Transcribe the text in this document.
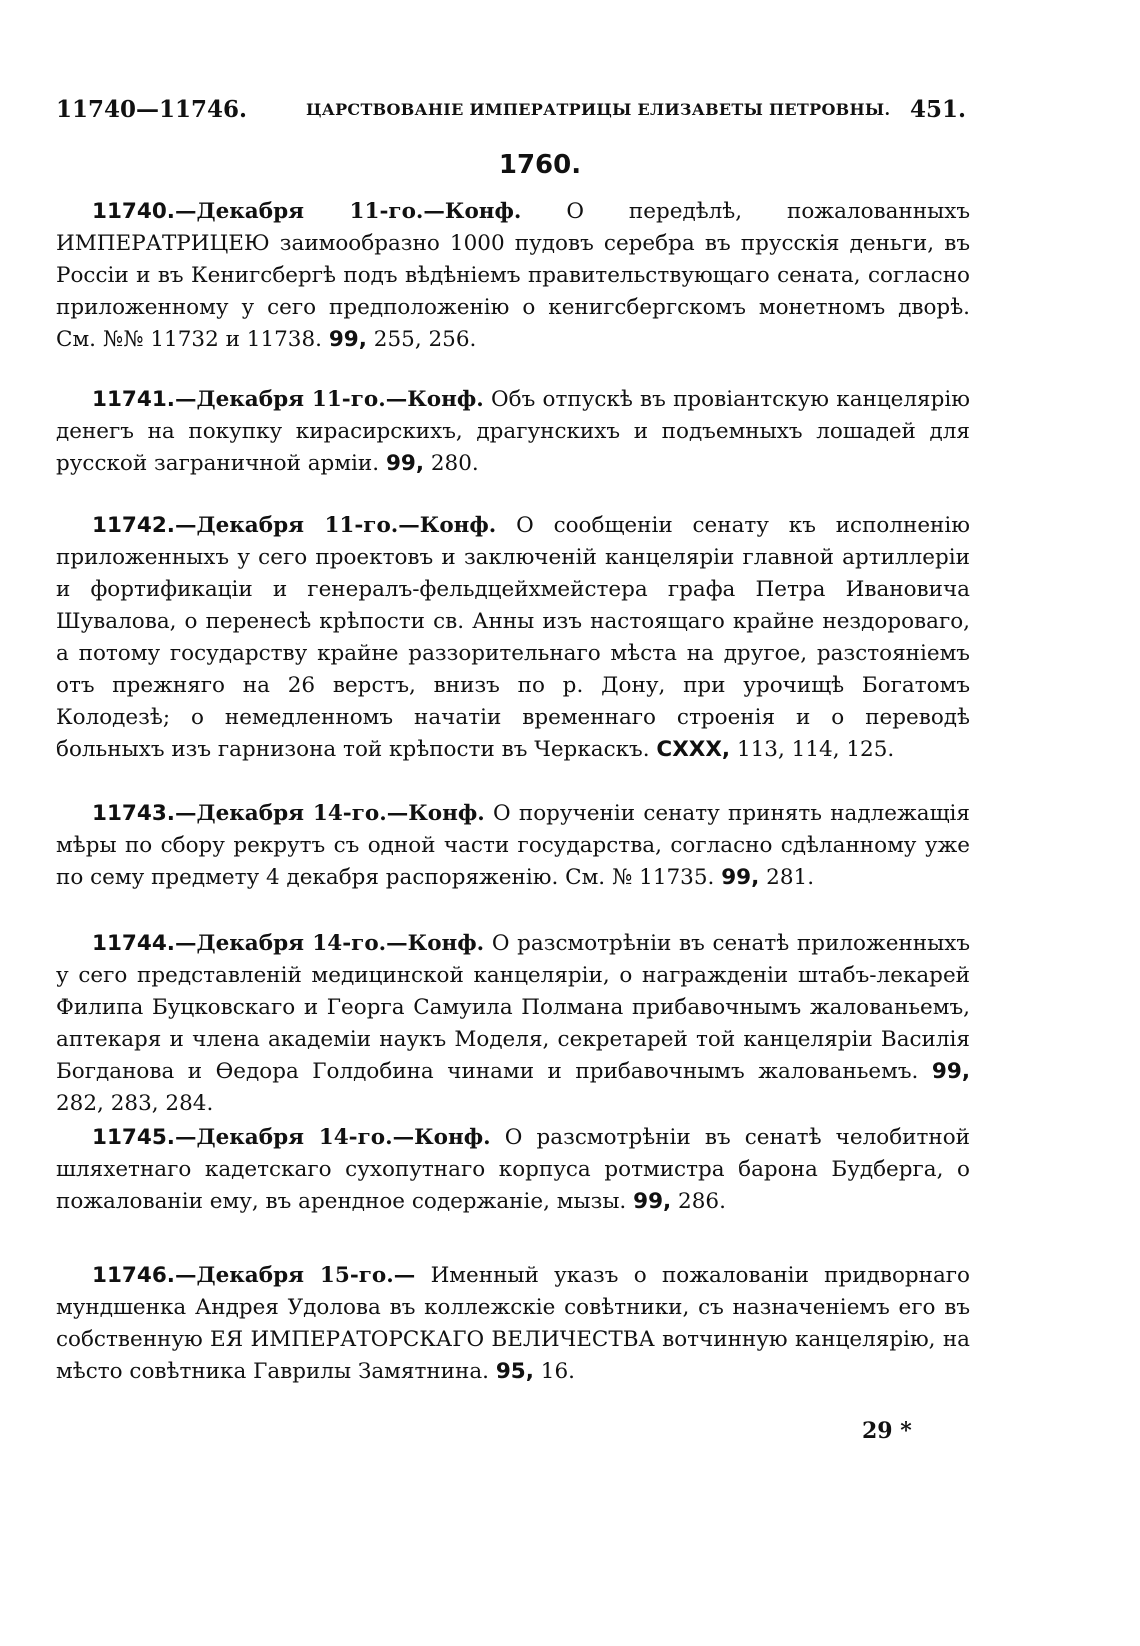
11740—11746.	ЦАРСТВОВАНІЕ ИМПЕРАТРИЦЫ ЕЛИЗАВЕТЫ ПЕТРОВНЫ. 451.
1760.
11740.—Декабря 11-го.—Конф. О передѣлѣ, пожалованныхъ ИМПЕРАТРИЦЕЮ заимообразно 1000 пудовъ серебра въ прусскія деньги, въ Россіи и въ Кенигсбергѣ подъ вѣдѣніемъ правительствующаго сената, согласно приложенному у сего предположенію о кенигсбергскомъ монетномъ дворѣ. См. №№ 11732 и 11738. 99, 255, 256.
11741.—Декабря 11-го.—Конф. Объ отпускѣ въ провіантскую канцелярію денегъ на покупку кирасирскихъ, драгунскихъ и подъемныхъ лошадей для русской заграничной арміи. 99, 280.
11742.—Декабря 11-го.—Конф. О сообщеніи сенату къ исполненію приложенныхъ у сего проектовъ и заключеній канцеляріи главной артиллеріи и фортификаціи и генералъ-фельдцейхмейстера графа Петра Ивановича Шувалова, о перенесѣ крѣпости св. Анны изъ настоящаго крайне нездороваго, а потому государству крайне раззорительнаго мѣста на другое, разстояніемъ отъ прежняго на 26 верстъ, внизъ по р. Дону, при урочищѣ Богатомъ Колодезѣ; о немедленномъ начатіи временнаго строенія и о переводѣ больныхъ изъ гарнизона той крѣпости въ Черкаскъ. CXXX, 113, 114, 125.
11743.—Декабря 14-го.—Конф. О порученіи сенату принять надлежащія мѣры по сбору рекрутъ съ одной части государства, согласно сдѣланному уже по сему предмету 4 декабря распоряженію. См. № 11735. 99, 281.
11744.—Декабря 14-го.—Конф. О разсмотрѣніи въ сенатѣ приложенныхъ у сего представленій медицинской канцеляріи, о награжденіи штабъ-лекарей Филипа Буцковскаго и Георга Самуила Полмана прибавочнымъ жалованьемъ, аптекаря и члена академіи наукъ Моделя, секретарей той канцеляріи Василія Богданова и Өедора Голдобина чинами и прибавочнымъ жалованьемъ. 99, 282, 283, 284.
11745.—Декабря 14-го.—Конф. О разсмотрѣніи въ сенатѣ челобитной шляхетнаго кадетскаго сухопутнаго корпуса ротмистра барона Будберга, о пожалованіи ему, въ арендное содержаніе, мызы. 99, 286.
11746.—Декабря 15-го.— Именный указъ о пожалованіи придворнаго мундшенка Андрея Удолова въ коллежскіе совѣтники, съ назначеніемъ его въ собственную ЕЯ ИМПЕРАТОРСКАГО ВЕЛИЧЕСТВА вотчинную канцелярію, на мѣсто совѣтника Гаврилы Замятнина. 95, 16.
29 *
